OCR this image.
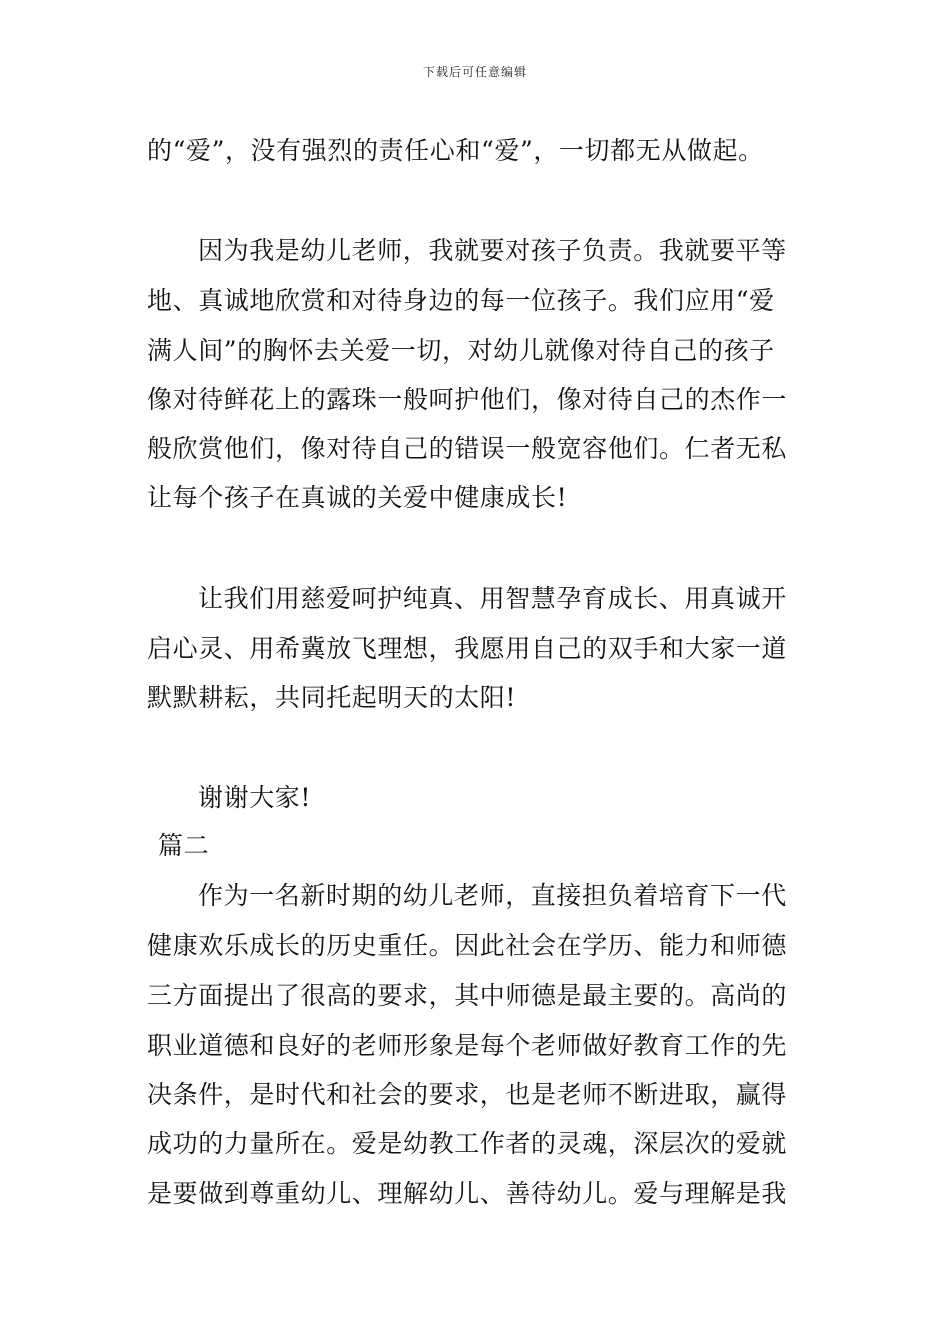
下载后可任意编辑
的“爱”，没有强烈的责任心和“爱”，一切都无从做起。
因为我是幼儿老师，我就要对孩子负责。我就要平等
地、真诚地欣赏和对待身边的每一位孩子。我们应用“爱
满人间”的胸怀去关爱一切，对幼儿就像对待自己的孩子
像对待鲜花上的露珠一般呵护他们，像对待自己的杰作一
般欣赏他们，像对待自己的错误一般宽容他们。仁者无私
让每个孩子在真诚的关爱中健康成长!
让我们用慈爱呵护纯真、用智慧孕育成长、用真诚开
启心灵、用希冀放飞理想，我愿用自己的双手和大家一道
默默耕耘，共同托起明天的太阳!
谢谢大家!
篇二
作为一名新时期的幼儿老师，直接担负着培育下一代
健康欢乐成长的历史重任。因此社会在学历、能力和师德
三方面提出了很高的要求，其中师德是最主要的。高尚的
职业道德和良好的老师形象是每个老师做好教育工作的先
决条件，是时代和社会的要求，也是老师不断进取，赢得
成功的力量所在。爱是幼教工作者的灵魂，深层次的爱就
是要做到尊重幼儿、理解幼儿、善待幼儿。爱与理解是我
